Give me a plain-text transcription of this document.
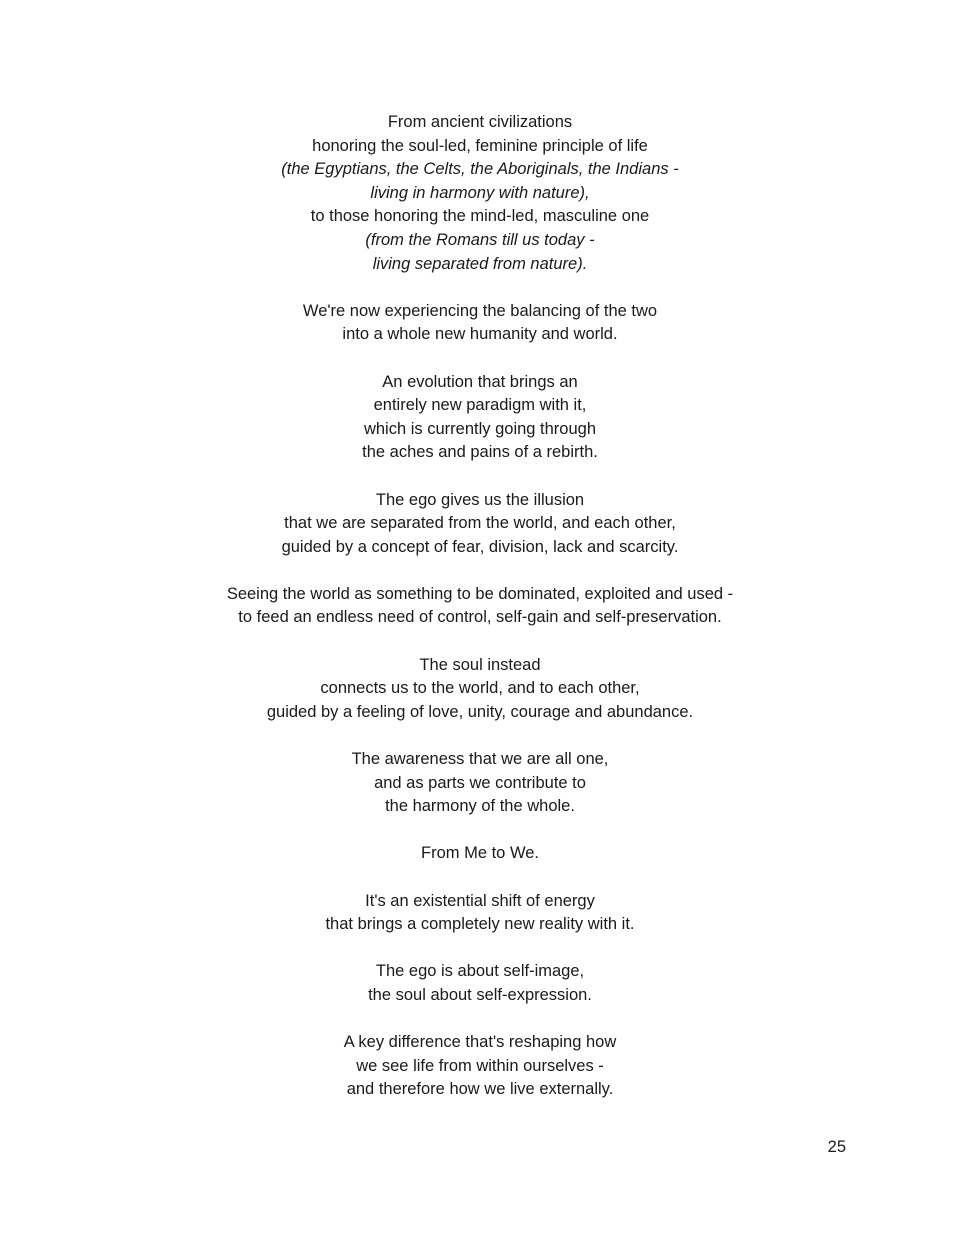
From ancient civilizations
honoring the soul-led, feminine principle of life
(the Egyptians, the Celts, the Aboriginals, the Indians -
living in harmony with nature),
to those honoring the mind-led, masculine one
(from the Romans till us today -
living separated from nature).
We're now experiencing the balancing of the two
into a whole new humanity and world.
An evolution that brings an
entirely new paradigm with it,
which is currently going through
the aches and pains of a rebirth.
The ego gives us the illusion
that we are separated from the world, and each other,
guided by a concept of fear, division, lack and scarcity.
Seeing the world as something to be dominated, exploited and used -
to feed an endless need of control, self-gain and self-preservation.
The soul instead
connects us to the world, and to each other,
guided by a feeling of love, unity, courage and abundance.
The awareness that we are all one,
and as parts we contribute to
the harmony of the whole.
From Me to We.
It's an existential shift of energy
that brings a completely new reality with it.
The ego is about self-image,
the soul about self-expression.
A key difference that's reshaping how
we see life from within ourselves -
and therefore how we live externally.
25
